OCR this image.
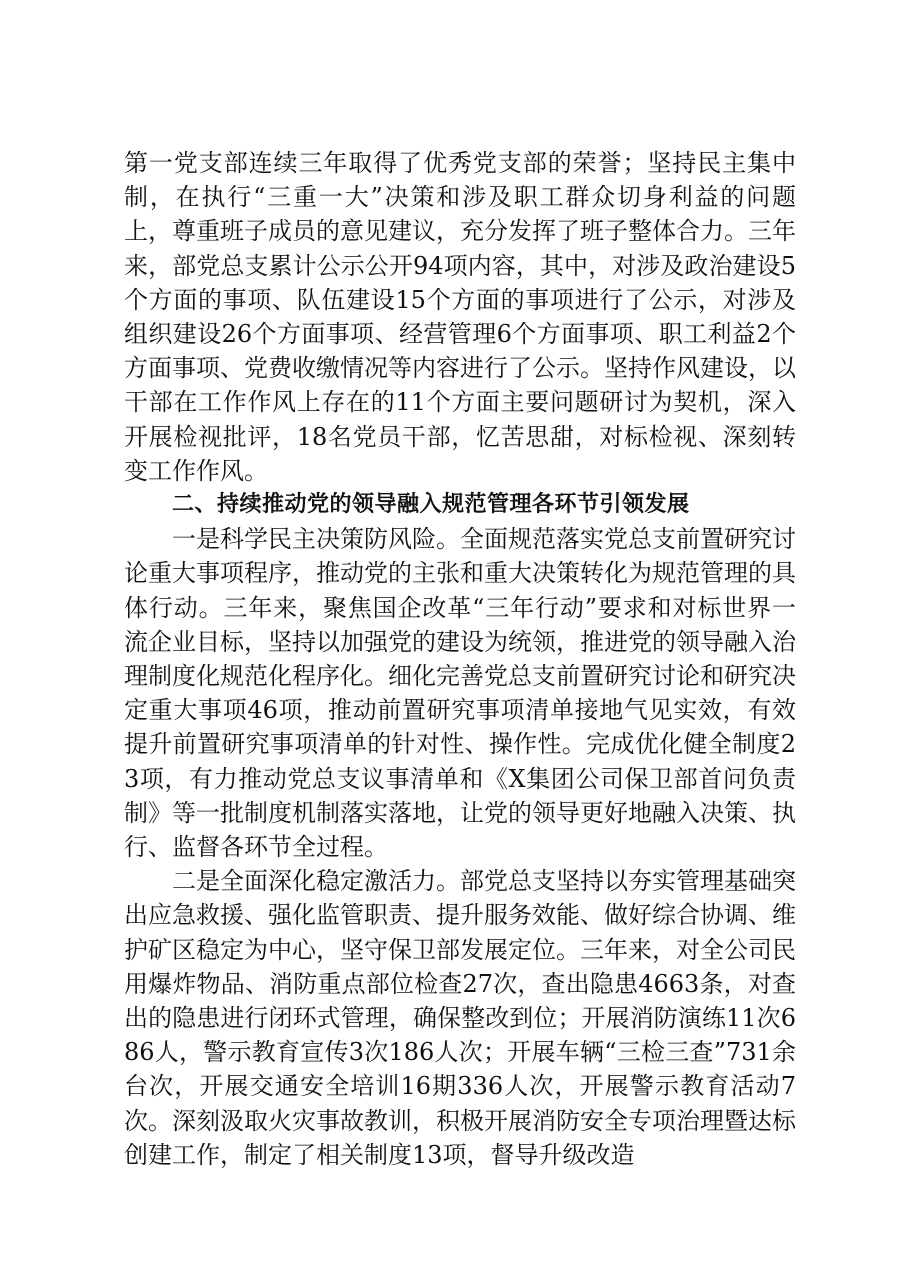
第一党支部连续三年取得了优秀党支部的荣誉；坚持民主集中制，在执行“三重一大”决策和涉及职工群众切身利益的问题上，尊重班子成员的意见建议，充分发挥了班子整体合力。三年来，部党总支累计公示公开94项内容，其中，对涉及政治建设5个方面的事项、队伍建设15个方面的事项进行了公示，对涉及组织建设26个方面事项、经营管理6个方面事项、职工利益2个方面事项、党费收缴情况等内容进行了公示。坚持作风建设，以干部在工作作风上存在的11个方面主要问题研讨为契机，深入开展检视批评，18名党员干部，忆苦思甜，对标检视、深刻转变工作作风。

二、持续推动党的领导融入规范管理各环节引领发展

一是科学民主决策防风险。全面规范落实党总支前置研究讨论重大事项程序，推动党的主张和重大决策转化为规范管理的具体行动。三年来，聚焦国企改革“三年行动”要求和对标世界一流企业目标，坚持以加强党的建设为统领，推进党的领导融入治理制度化规范化程序化。细化完善党总支前置研究讨论和研究决定重大事项46项，推动前置研究事项清单接地气见实效，有效提升前置研究事项清单的针对性、操作性。完成优化健全制度23项，有力推动党总支议事清单和《X集团公司保卫部首问负责制》等一批制度机制落实落地，让党的领导更好地融入决策、执行、监督各环节全过程。

二是全面深化稳定激活力。部党总支坚持以夯实管理基础突出应急救援、强化监管职责、提升服务效能、做好综合协调、维护矿区稳定为中心，坚守保卫部发展定位。三年来，对全公司民用爆炸物品、消防重点部位检查27次，查出隐患4663条，对查出的隐患进行闭环式管理，确保整改到位；开展消防演练11次686人，警示教育宣传3次186人次；开展车辆“三检三查”731余台次，开展交通安全培训16期336人次，开展警示教育活动7次。深刻汲取火灾事故教训，积极开展消防安全专项治理暨达标创建工作，制定了相关制度13项，督导升级改造
